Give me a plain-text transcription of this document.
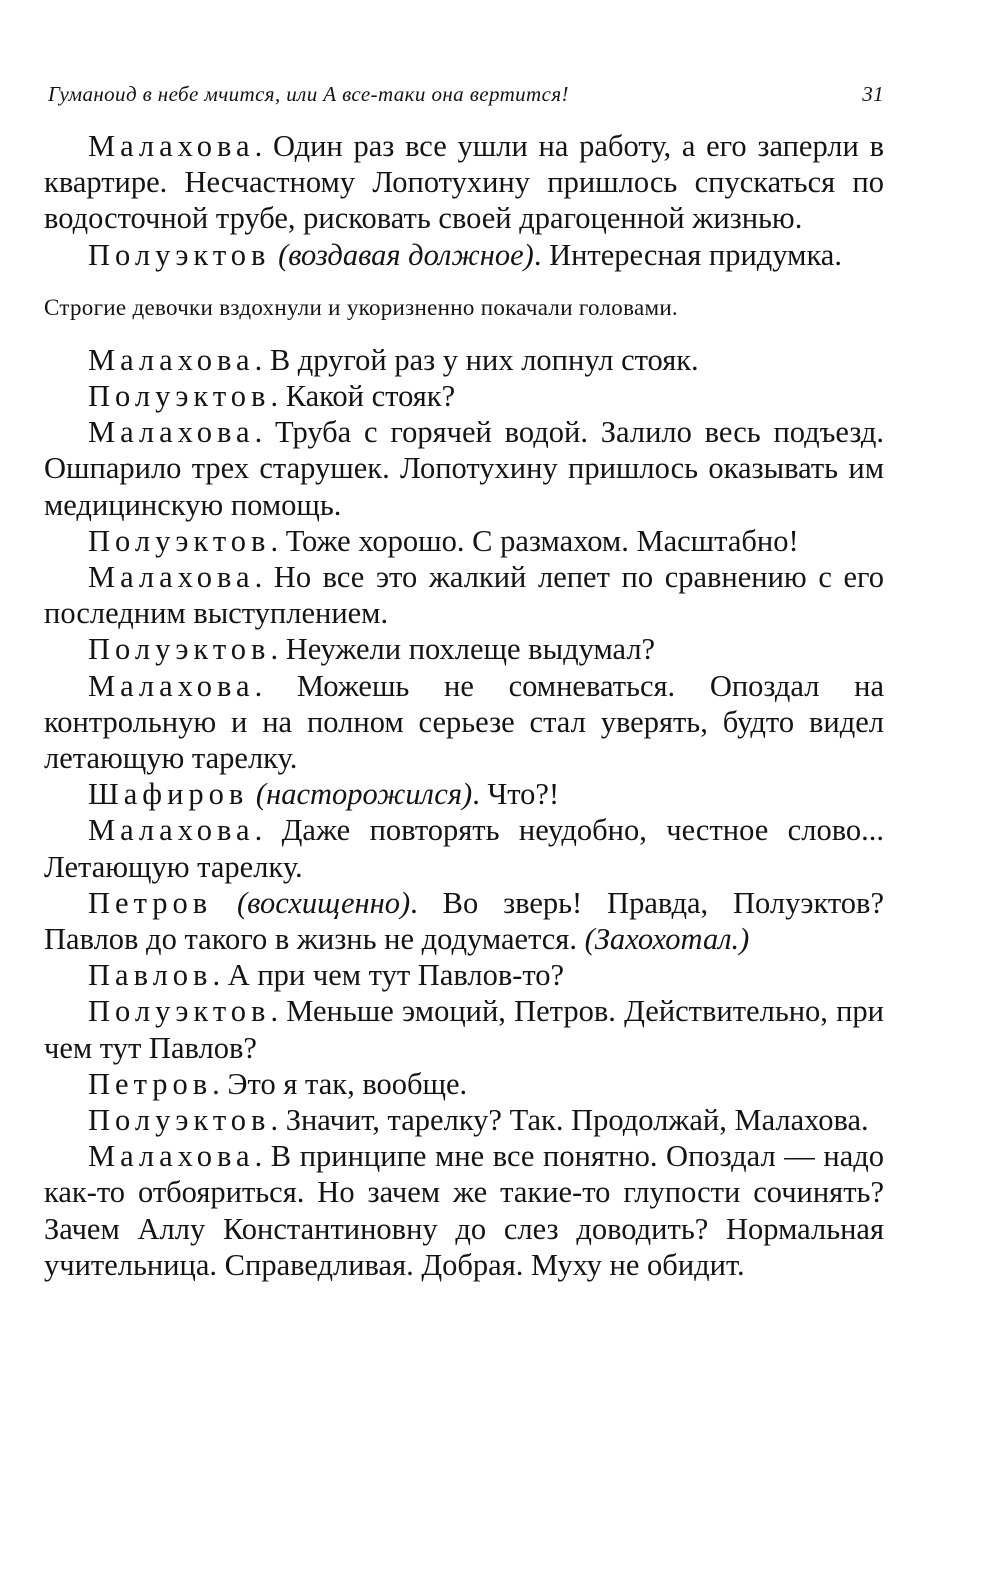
Гуманоид в небе мчится, или А все-таки она вертится!	31

Малахова. Один раз все ушли на работу, а его заперли в квартире. Несчастному Лопотухину пришлось спускаться по водосточной трубе, рисковать своей драгоценной жизнью.

Полуэктов (воздавая должное). Интересная придумка.

Строгие девочки вздохнули и укоризненно покачали головами.

Малахова. В другой раз у них лопнул стояк.

Полуэктов. Какой стояк?

Малахова. Труба с горячей водой. Залило весь подъезд. Ошпарило трех старушек. Лопотухину пришлось оказывать им медицинскую помощь.

Полуэктов. Тоже хорошо. С размахом. Масштабно!

Малахова. Но все это жалкий лепет по сравнению с его последним выступлением.

Полуэктов. Неужели похлеще выдумал?

Малахова. Можешь не сомневаться. Опоздал на контрольную и на полном серьезе стал уверять, будто видел летающую тарелку.

Шафиров (насторожился). Что?!

Малахова. Даже повторять неудобно, честное слово... Летающую тарелку.

Петров (восхищенно). Во зверь! Правда, Полуэктов? Павлов до такого в жизнь не додумается. (Захохотал.)

Павлов. А при чем тут Павлов-то?

Полуэктов. Меньше эмоций, Петров. Действительно, при чем тут Павлов?

Петров. Это я так, вообще.

Полуэктов. Значит, тарелку? Так. Продолжай, Малахова.

Малахова. В принципе мне все понятно. Опоздал — надо как-то отбояриться. Но зачем же такие-то глупости сочинять? Зачем Аллу Константиновну до слез доводить? Нормальная учительница. Справедливая. Добрая. Муху не обидит.
